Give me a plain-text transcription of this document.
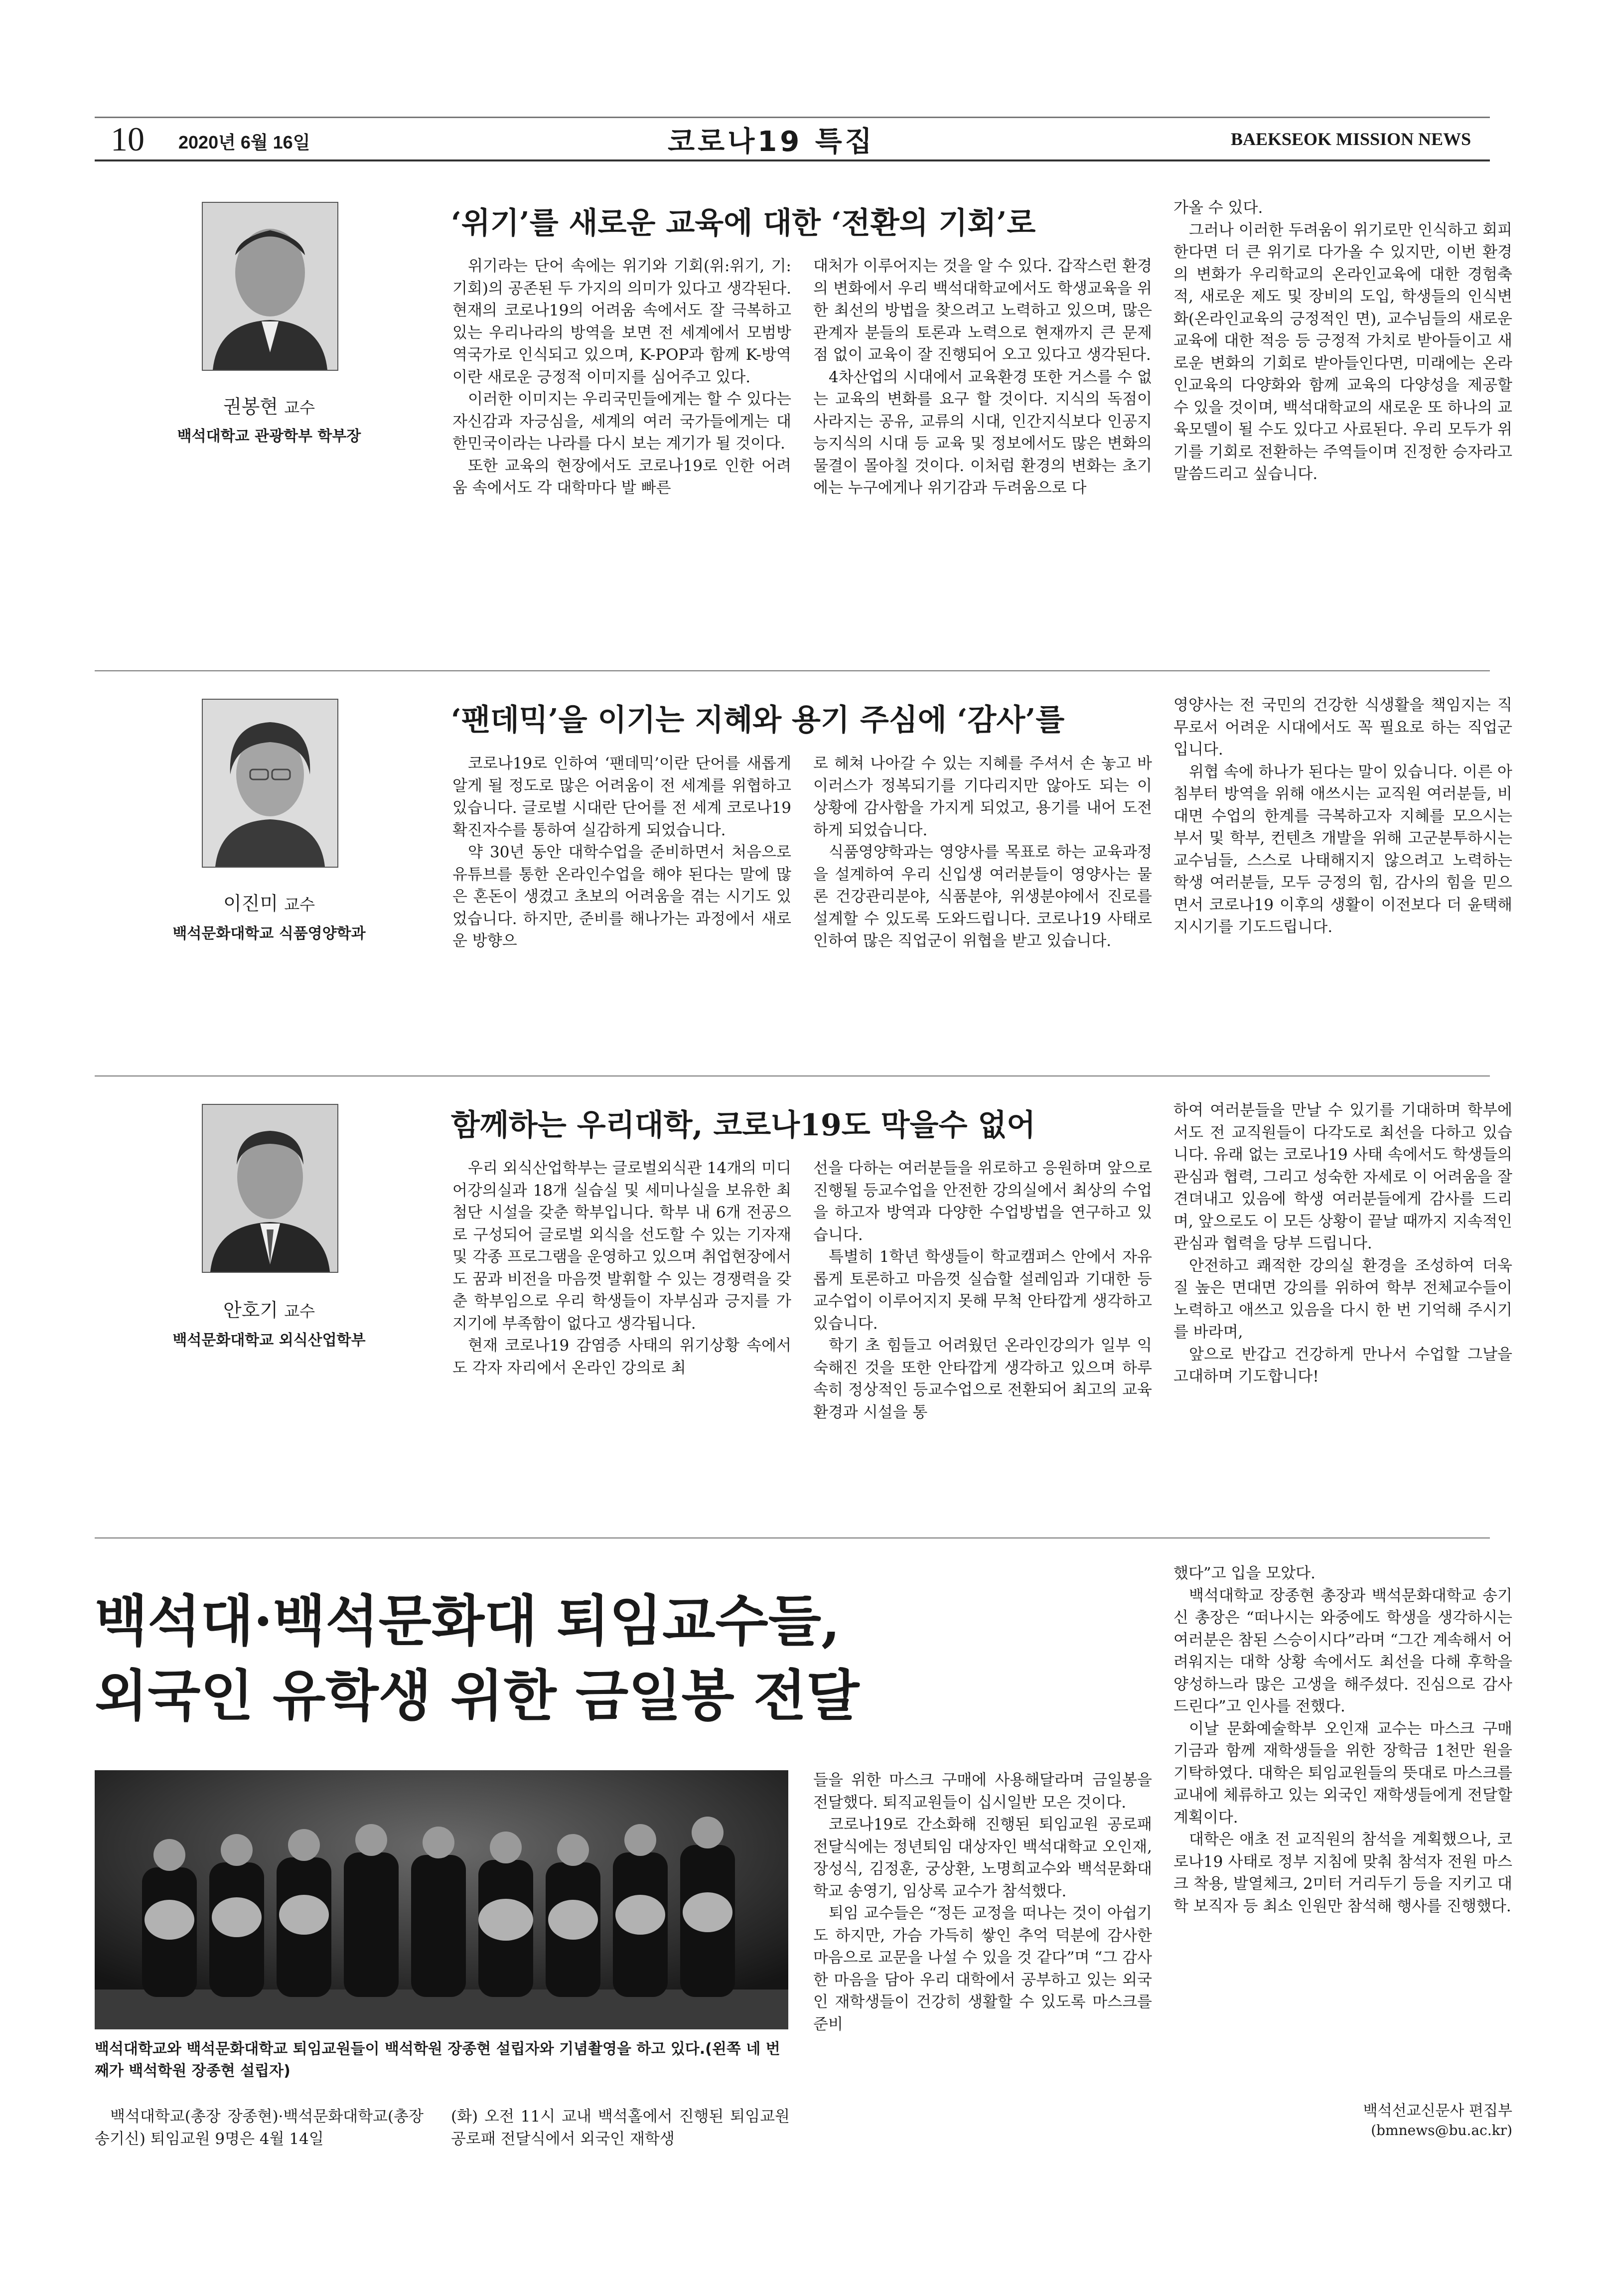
10 2020년 6월 16일	코로나19 특집	BAEKSEOK MISSION NEWS
권봉현 교수
백석대학교 관광학부 학부장
‘위기’를 새로운 교육에 대한 ‘전환의 기회’로

위기라는 단어 속에는 위기와 기회(위:위기, 기:기회)의 공존된 두 가지의 의미가 있다고 생각된다. 현재의 코로나19의 어려움 속에서도 잘 극복하고 있는 우리나라의 방역을 보면 전 세계에서 모범방역국가로 인식되고 있으며, K-POP과 함께 K-방역이란 새로운 긍정적 이미지를 심어주고 있다.

이러한 이미지는 우리국민들에게는 할 수 있다는 자신감과 자긍심을, 세계의 여러 국가들에게는 대한민국이라는 나라를 다시 보는 계기가 될 것이다.

또한 교육의 현장에서도 코로나19로 인한 어려움 속에서도 각 대학마다 발 빠른

대처가 이루어지는 것을 알 수 있다. 갑작스런 환경의 변화에서 우리 백석대학교에서도 학생교육을 위한 최선의 방법을 찾으려고 노력하고 있으며, 많은 관계자 분들의 토론과 노력으로 현재까지 큰 문제점 없이 교육이 잘 진행되어 오고 있다고 생각된다.

4차산업의 시대에서 교육환경 또한 거스를 수 없는 교육의 변화를 요구 할 것이다. 지식의 독점이 사라지는 공유, 교류의 시대, 인간지식보다 인공지능지식의 시대 등 교육 및 정보에서도 많은 변화의 물결이 몰아칠 것이다. 이처럼 환경의 변화는 초기에는 누구에게나 위기감과 두려움으로 다

가올 수 있다.

그러나 이러한 두려움이 위기로만 인식하고 회피 한다면 더 큰 위기로 다가올 수 있지만, 이번 환경의 변화가 우리학교의 온라인교육에 대한 경험축적, 새로운 제도 및 장비의 도입, 학생들의 인식변화(온라인교육의 긍정적인 면), 교수님들의 새로운 교육에 대한 적응 등 긍정적 가치로 받아들이고 새로운 변화의 기회로 받아들인다면, 미래에는 온라인교육의 다양화와 함께 교육의 다양성을 제공할 수 있을 것이며, 백석대학교의 새로운 또 하나의 교육모델이 될 수도 있다고 사료된다. 우리 모두가 위기를 기회로 전환하는 주역들이며 진정한 승자라고 말씀드리고 싶습니다.

이진미 교수
백석문화대학교 식품영양학과
‘팬데믹’을 이기는 지혜와 용기 주심에 ‘감사’를

코로나19로 인하여 ‘팬데믹’이란 단어를 새롭게 알게 될 정도로 많은 어려움이 전 세계를 위협하고 있습니다. 글로벌 시대란 단어를 전 세계 코로나19 확진자수를 통하여 실감하게 되었습니다.

약 30년 동안 대학수업을 준비하면서 처음으로 유튜브를 통한 온라인수업을 해야 된다는 말에 많은 혼돈이 생겼고 초보의 어려움을 겪는 시기도 있었습니다. 하지만, 준비를 해나가는 과정에서 새로운 방향으

로 헤쳐 나아갈 수 있는 지혜를 주셔서 손 놓고 바이러스가 정복되기를 기다리지만 않아도 되는 이 상황에 감사함을 가지게 되었고, 용기를 내어 도전하게 되었습니다.

식품영양학과는 영양사를 목표로 하는 교육과정을 설계하여 우리 신입생 여러분들이 영양사는 물론 건강관리분야, 식품분야, 위생분야에서 진로를 설계할 수 있도록 도와드립니다. 코로나19 사태로 인하여 많은 직업군이 위협을 받고 있습니다.

영양사는 전 국민의 건강한 식생활을 책임지는 직무로서 어려운 시대에서도 꼭 필요로 하는 직업군입니다.

위협 속에 하나가 된다는 말이 있습니다. 이른 아침부터 방역을 위해 애쓰시는 교직원 여러분들, 비대면 수업의 한계를 극복하고자 지혜를 모으시는 부서 및 학부, 컨텐츠 개발을 위해 고군분투하시는 교수님들, 스스로 나태해지지 않으려고 노력하는 학생 여러분들, 모두 긍정의 힘, 감사의 힘을 믿으면서 코로나19 이후의 생활이 이전보다 더 윤택해 지시기를 기도드립니다.

안호기 교수
백석문화대학교 외식산업학부
함께하는 우리대학, 코로나19도 막을수 없어

우리 외식산업학부는 글로벌외식관 14개의 미디어강의실과 18개 실습실 및 세미나실을 보유한 최첨단 시설을 갖춘 학부입니다. 학부 내 6개 전공으로 구성되어 글로벌 외식을 선도할 수 있는 기자재 및 각종 프로그램을 운영하고 있으며 취업현장에서도 꿈과 비전을 마음껏 발휘할 수 있는 경쟁력을 갖춘 학부임으로 우리 학생들이 자부심과 긍지를 가지기에 부족함이 없다고 생각됩니다.

현재 코로나19 감염증 사태의 위기상황 속에서도 각자 자리에서 온라인 강의로 최

선을 다하는 여러분들을 위로하고 응원하며 앞으로 진행될 등교수업을 안전한 강의실에서 최상의 수업을 하고자 방역과 다양한 수업방법을 연구하고 있습니다.

특별히 1학년 학생들이 학교캠퍼스 안에서 자유롭게 토론하고 마음껏 실습할 설레임과 기대한 등교수업이 이루어지지 못해 무척 안타깝게 생각하고 있습니다.

학기 초 힘들고 어려웠던 온라인강의가 일부 익숙해진 것을 또한 안타깝게 생각하고 있으며 하루속히 정상적인 등교수업으로 전환되어 최고의 교육환경과 시설을 통

하여 여러분들을 만날 수 있기를 기대하며 학부에서도 전 교직원들이 다각도로 최선을 다하고 있습니다. 유래 없는 코로나19 사태 속에서도 학생들의 관심과 협력, 그리고 성숙한 자세로 이 어려움을 잘 견뎌내고 있음에 학생 여러분들에게 감사를 드리며, 앞으로도 이 모든 상황이 끝날 때까지 지속적인 관심과 협력을 당부 드립니다.

안전하고 쾌적한 강의실 환경을 조성하여 더욱 질 높은 면대면 강의를 위하여 학부 전체교수들이 노력하고 애쓰고 있음을 다시 한 번 기억해 주시기를 바라며,

앞으로 반갑고 건강하게 만나서 수업할 그날을 고대하며 기도합니다!

백석대·백석문화대 퇴임교수들,
외국인 유학생 위한 금일봉 전달
백석대학교와 백석문화대학교 퇴임교원들이 백석학원 장종현 설립자와 기념촬영을 하고 있다.(왼쪽 네 번째가 백석학원 장종현 설립자)

백석대학교(총장 장종현)·백석문화대학교(총장 송기신) 퇴임교원 9명은 4월 14일

(화) 오전 11시 교내 백석홀에서 진행된 퇴임교원 공로패 전달식에서 외국인 재학생

들을 위한 마스크 구매에 사용해달라며 금일봉을 전달했다. 퇴직교원들이 십시일반 모은 것이다.

코로나19로 간소화해 진행된 퇴임교원 공로패 전달식에는 정년퇴임 대상자인 백석대학교 오인재, 장성식, 김정훈, 궁상환, 노명희교수와 백석문화대학교 송영기, 임상록 교수가 참석했다.

퇴임 교수들은 “정든 교정을 떠나는 것이 아쉽기도 하지만, 가슴 가득히 쌓인 추억 덕분에 감사한 마음으로 교문을 나설 수 있을 것 같다”며 “그 감사한 마음을 담아 우리 대학에서 공부하고 있는 외국인 재학생들이 건강히 생활할 수 있도록 마스크를 준비

했다”고 입을 모았다.

백석대학교 장종현 총장과 백석문화대학교 송기신 총장은 “떠나시는 와중에도 학생을 생각하시는 여러분은 참된 스승이시다”라며 “그간 계속해서 어려워지는 대학 상황 속에서도 최선을 다해 후학을 양성하느라 많은 고생을 해주셨다. 진심으로 감사드린다”고 인사를 전했다.

이날 문화예술학부 오인재 교수는 마스크 구매 기금과 함께 재학생들을 위한 장학금 1천만 원을 기탁하였다. 대학은 퇴임교원들의 뜻대로 마스크를 교내에 체류하고 있는 외국인 재학생들에게 전달할 계획이다.

대학은 애초 전 교직원의 참석을 계획했으나, 코로나19 사태로 정부 지침에 맞춰 참석자 전원 마스크 착용, 발열체크, 2미터 거리두기 등을 지키고 대학 보직자 등 최소 인원만 참석해 행사를 진행했다.

백석선교신문사 편집부
(bmnews@bu.ac.kr)
